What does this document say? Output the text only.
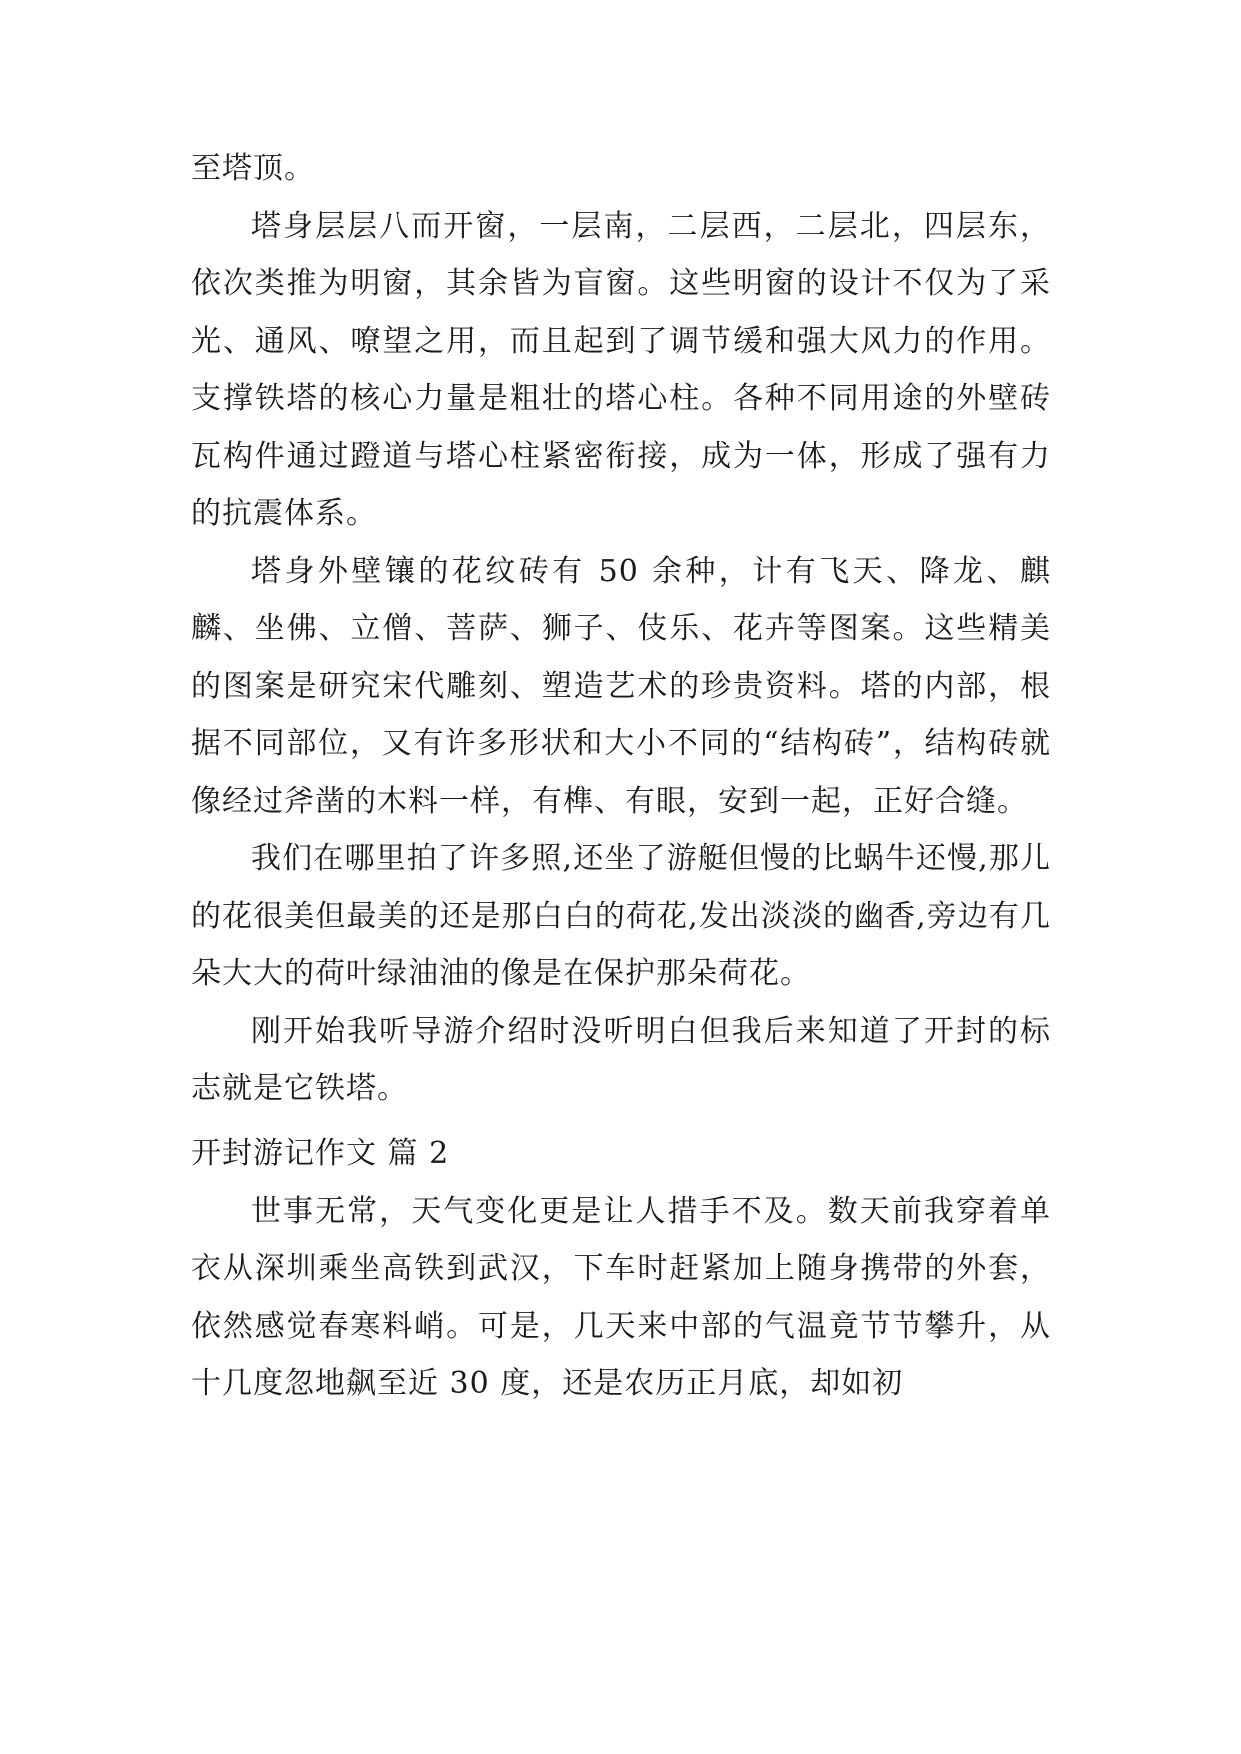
至塔顶。

塔身层层八而开窗，一层南，二层西，二层北，四层东，依次类推为明窗，其余皆为盲窗。这些明窗的设计不仅为了采光、通风、嘹望之用，而且起到了调节缓和强大风力的作用。支撑铁塔的核心力量是粗壮的塔心柱。各种不同用途的外壁砖瓦构件通过蹬道与塔心柱紧密衔接，成为一体，形成了强有力的抗震体系。

塔身外壁镶的花纹砖有 50 余种，计有飞天、降龙、麒麟、坐佛、立僧、菩萨、狮子、伎乐、花卉等图案。这些精美的图案是研究宋代雕刻、塑造艺术的珍贵资料。塔的内部，根据不同部位，又有许多形状和大小不同的“结构砖”，结构砖就像经过斧凿的木料一样，有榫、有眼，安到一起，正好合缝。

我们在哪里拍了许多照,还坐了游艇但慢的比蜗牛还慢,那儿的花很美但最美的还是那白白的荷花,发出淡淡的幽香,旁边有几朵大大的荷叶绿油油的像是在保护那朵荷花。

刚开始我听导游介绍时没听明白但我后来知道了开封的标志就是它铁塔。

开封游记作文 篇 2

世事无常，天气变化更是让人措手不及。数天前我穿着单衣从深圳乘坐高铁到武汉，下车时赶紧加上随身携带的外套，依然感觉春寒料峭。可是，几天来中部的气温竟节节攀升，从十几度忽地飙至近 30 度，还是农历正月底，却如初
